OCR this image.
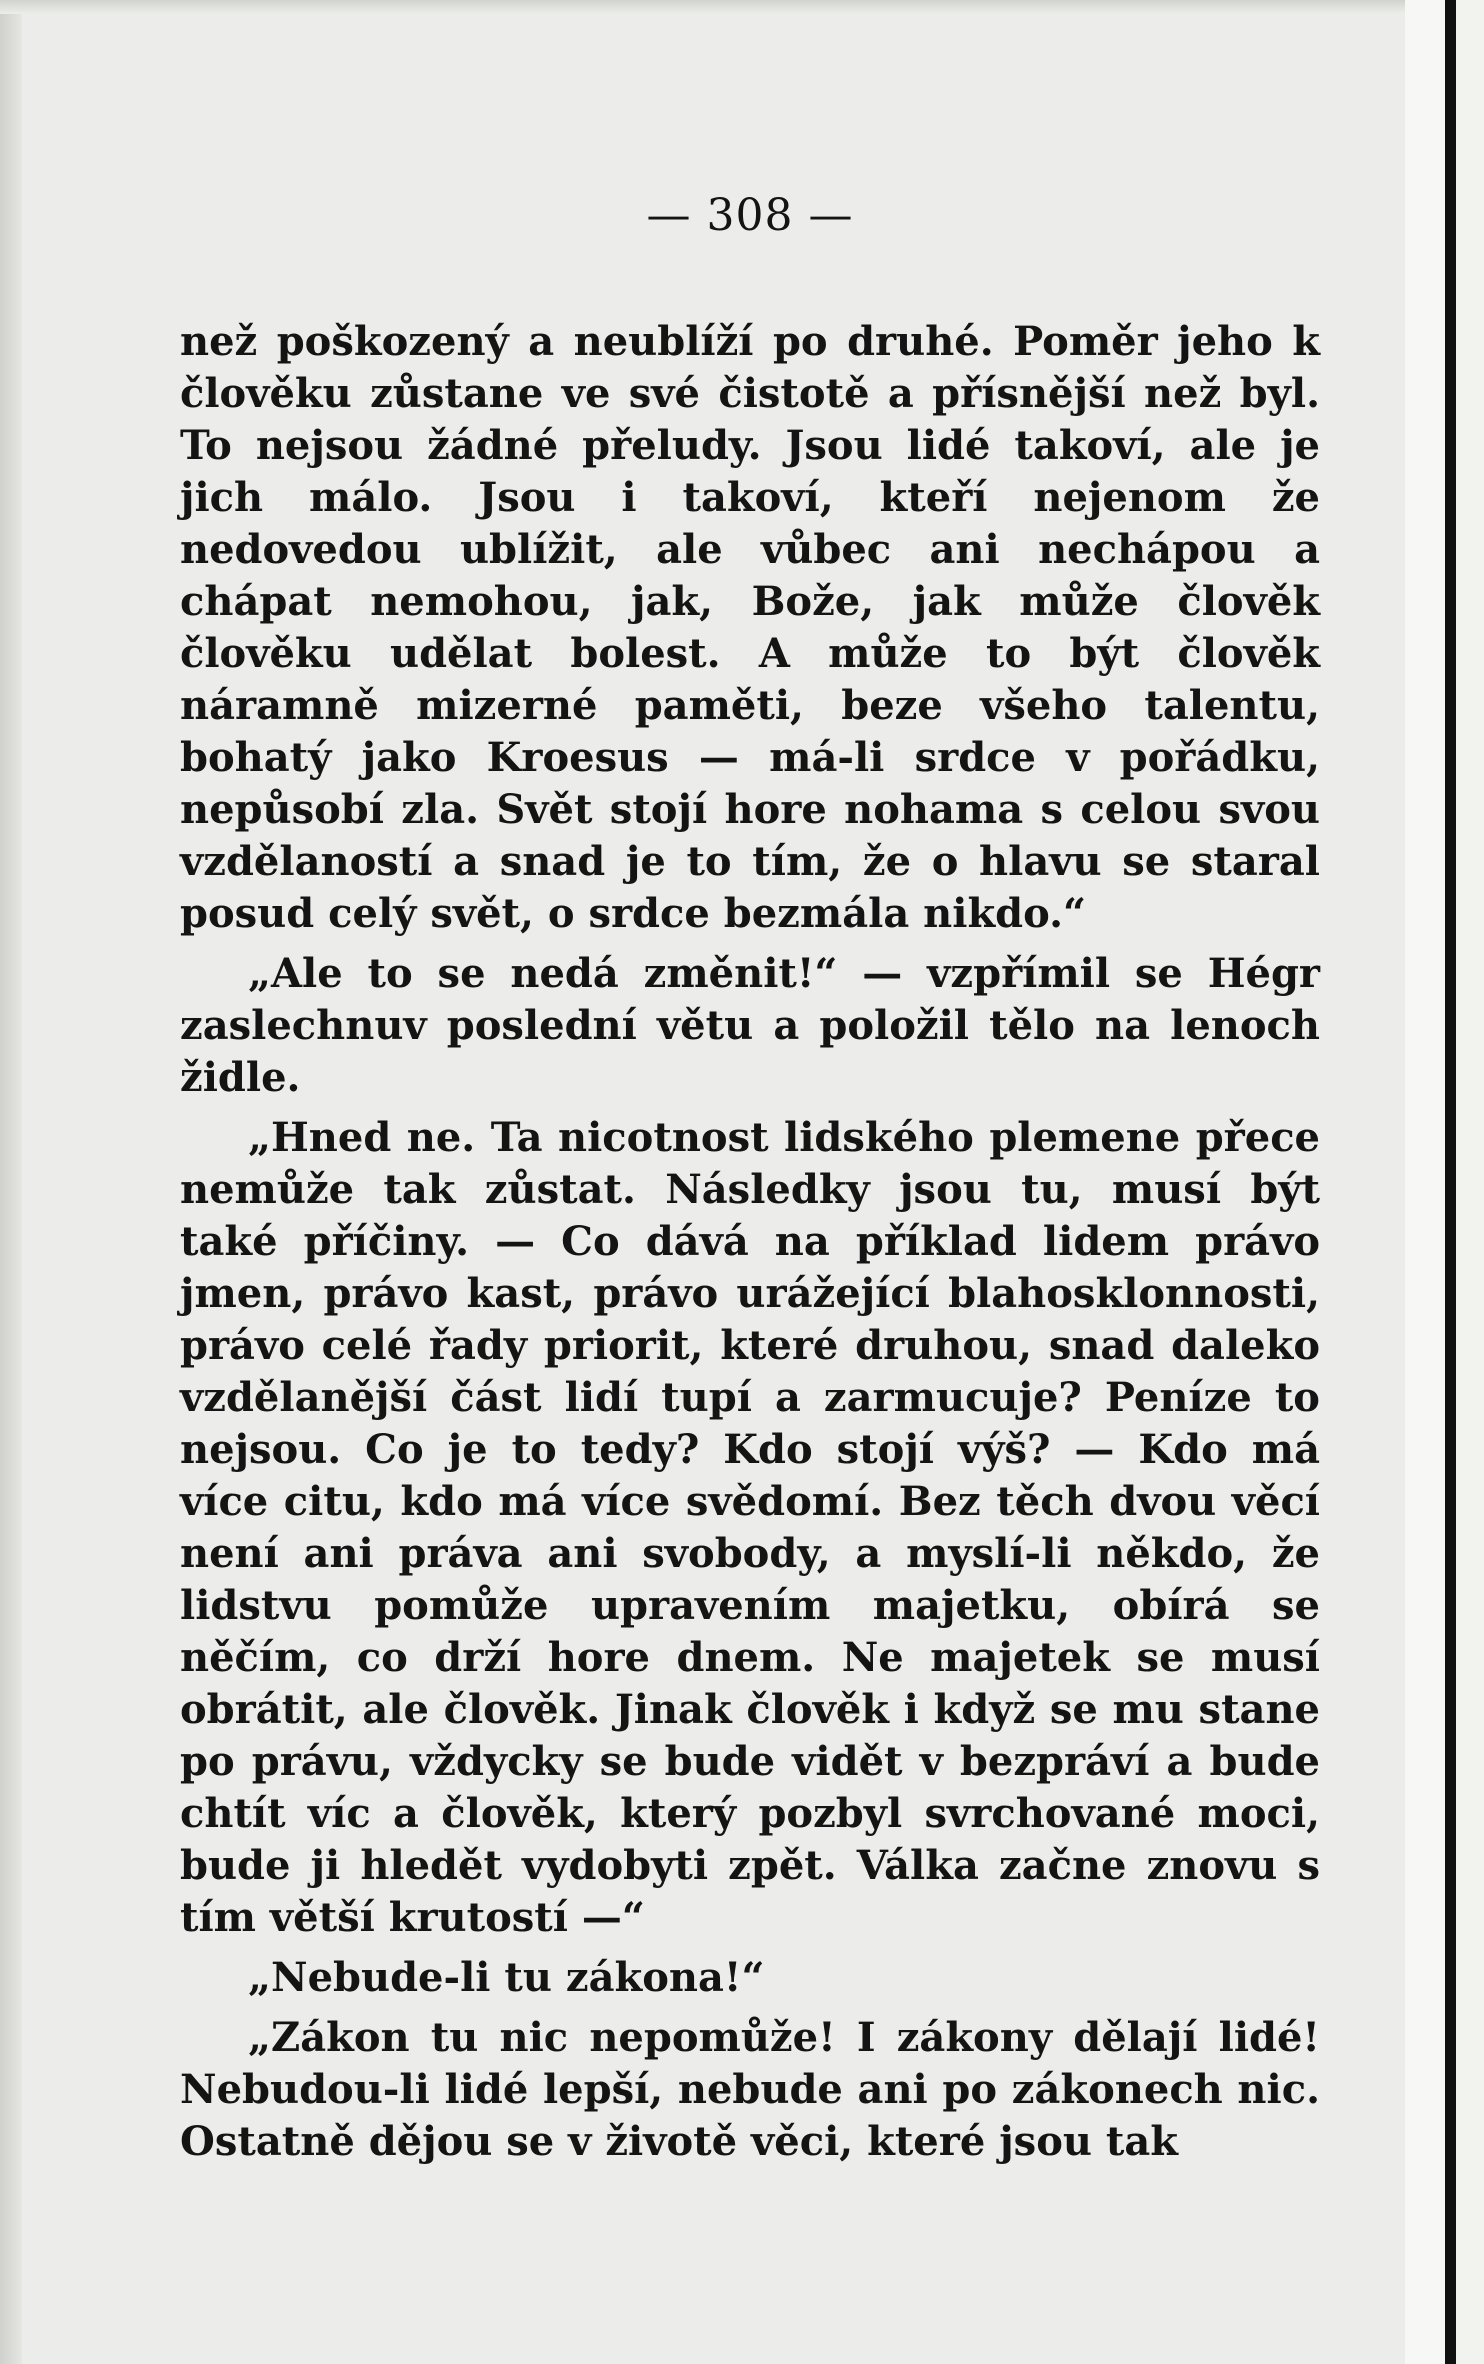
— 308 —

než poškozený a neublíží po druhé. Poměr jeho k člověku zůstane ve své čistotě a přísnější než byl. To nejsou žádné přeludy. Jsou lidé takoví, ale je jich málo. Jsou i takoví, kteří nejenom že nedovedou ublížit, ale vůbec ani nechápou a chápat nemohou, jak, Bože, jak může člověk člověku udělat bolest. A může to být člověk náramně mizerné paměti, beze všeho talentu, bohatý jako Kroesus — má-li srdce v pořádku, nepůsobí zla. Svět stojí hore nohama s celou svou vzdělaností a snad je to tím, že o hlavu se staral posud celý svět, o srdce bezmála nikdo.“

„Ale to se nedá změnit!“ — vzpřímil se Hégr zaslechnuv poslední větu a položil tělo na lenoch židle.

„Hned ne. Ta nicotnost lidského plemene přece nemůže tak zůstat. Následky jsou tu, musí být také příčiny. — Co dává na příklad lidem právo jmen, právo kast, právo urážející blahosklonnosti, právo celé řady priorit, které druhou, snad daleko vzdělanější část lidí tupí a zarmucuje? Peníze to nejsou. Co je to tedy? Kdo stojí výš? — Kdo má více citu, kdo má více svědomí. Bez těch dvou věcí není ani práva ani svobody, a myslí-li někdo, že lidstvu pomůže upravením majetku, obírá se něčím, co drží hore dnem. Ne majetek se musí obrátit, ale člověk. Jinak člověk i když se mu stane po právu, vždycky se bude vidět v bezpráví a bude chtít víc a člověk, který pozbyl svrchované moci, bude ji hledět vydobyti zpět. Válka začne znovu s tím větší krutostí —“

„Nebude-li tu zákona!“

„Zákon tu nic nepomůže! I zákony dělají lidé! Nebudou-li lidé lepší, nebude ani po zákonech nic. Ostatně dějou se v životě věci, které jsou tak
